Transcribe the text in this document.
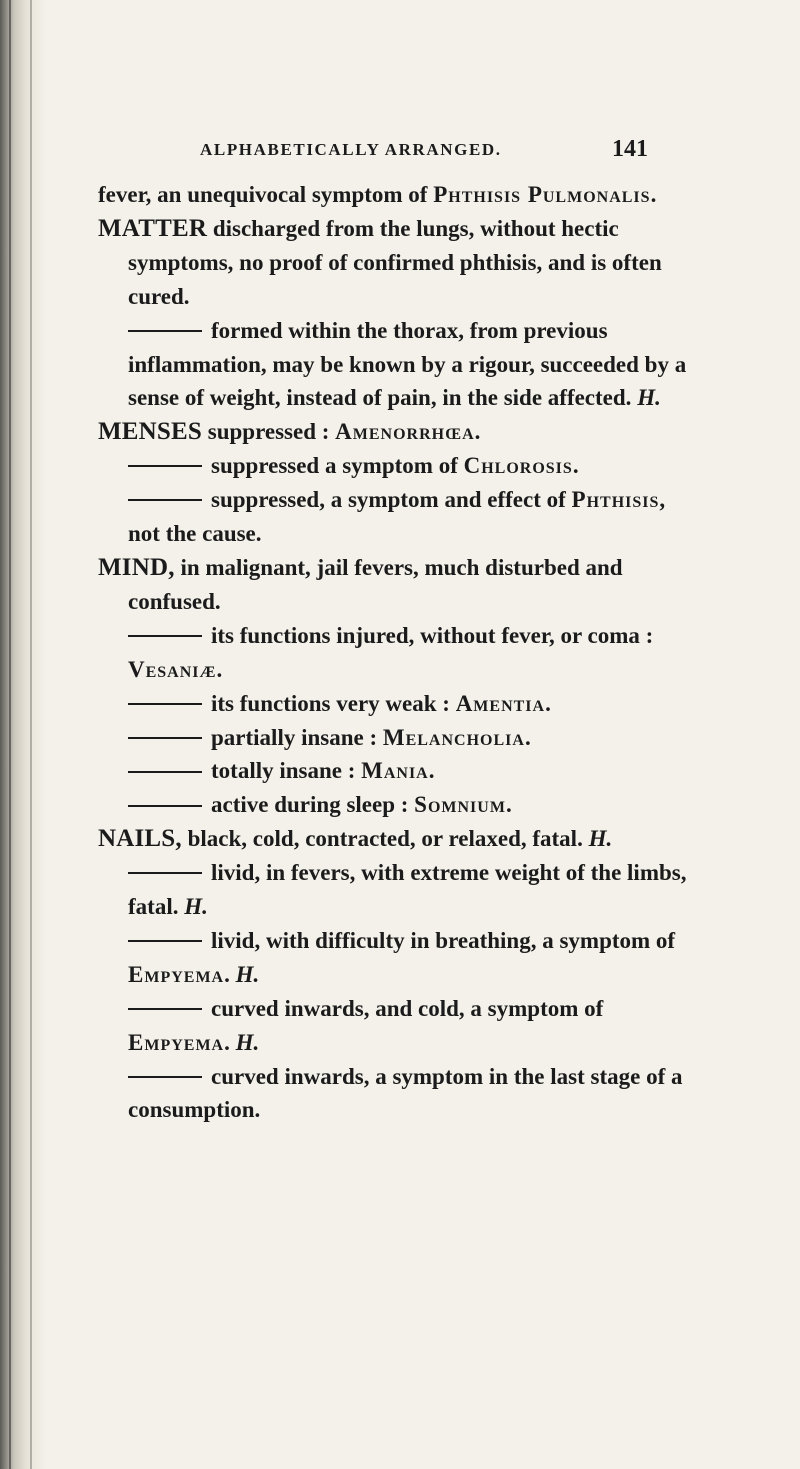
ALPHABETICALLY ARRANGED.	141

fever, an unequivocal symptom of Phthisis Pulmonalis.

MATTER discharged from the lungs, without hectic symptoms, no proof of confirmed phthisis, and is often cured.

formed within the thorax, from previous inflammation, may be known by a rigour, succeeded by a sense of weight, instead of pain, in the side affected. H.

MENSES suppressed : Amenorrhœa.

suppressed a symptom of Chlorosis.

suppressed, a symptom and effect of Phthisis, not the cause.

MIND, in malignant, jail fevers, much disturbed and confused.

its functions injured, without fever, or coma : Vesaniæ.

its functions very weak : Amentia.

partially insane : Melancholia.

totally insane : Mania.

active during sleep : Somnium.

NAILS, black, cold, contracted, or relaxed, fatal. H.

livid, in fevers, with extreme weight of the limbs, fatal. H.

livid, with difficulty in breathing, a symptom of Empyema. H.

curved inwards, and cold, a symptom of Empyema. H.

curved inwards, a symptom in the last stage of a consumption.
